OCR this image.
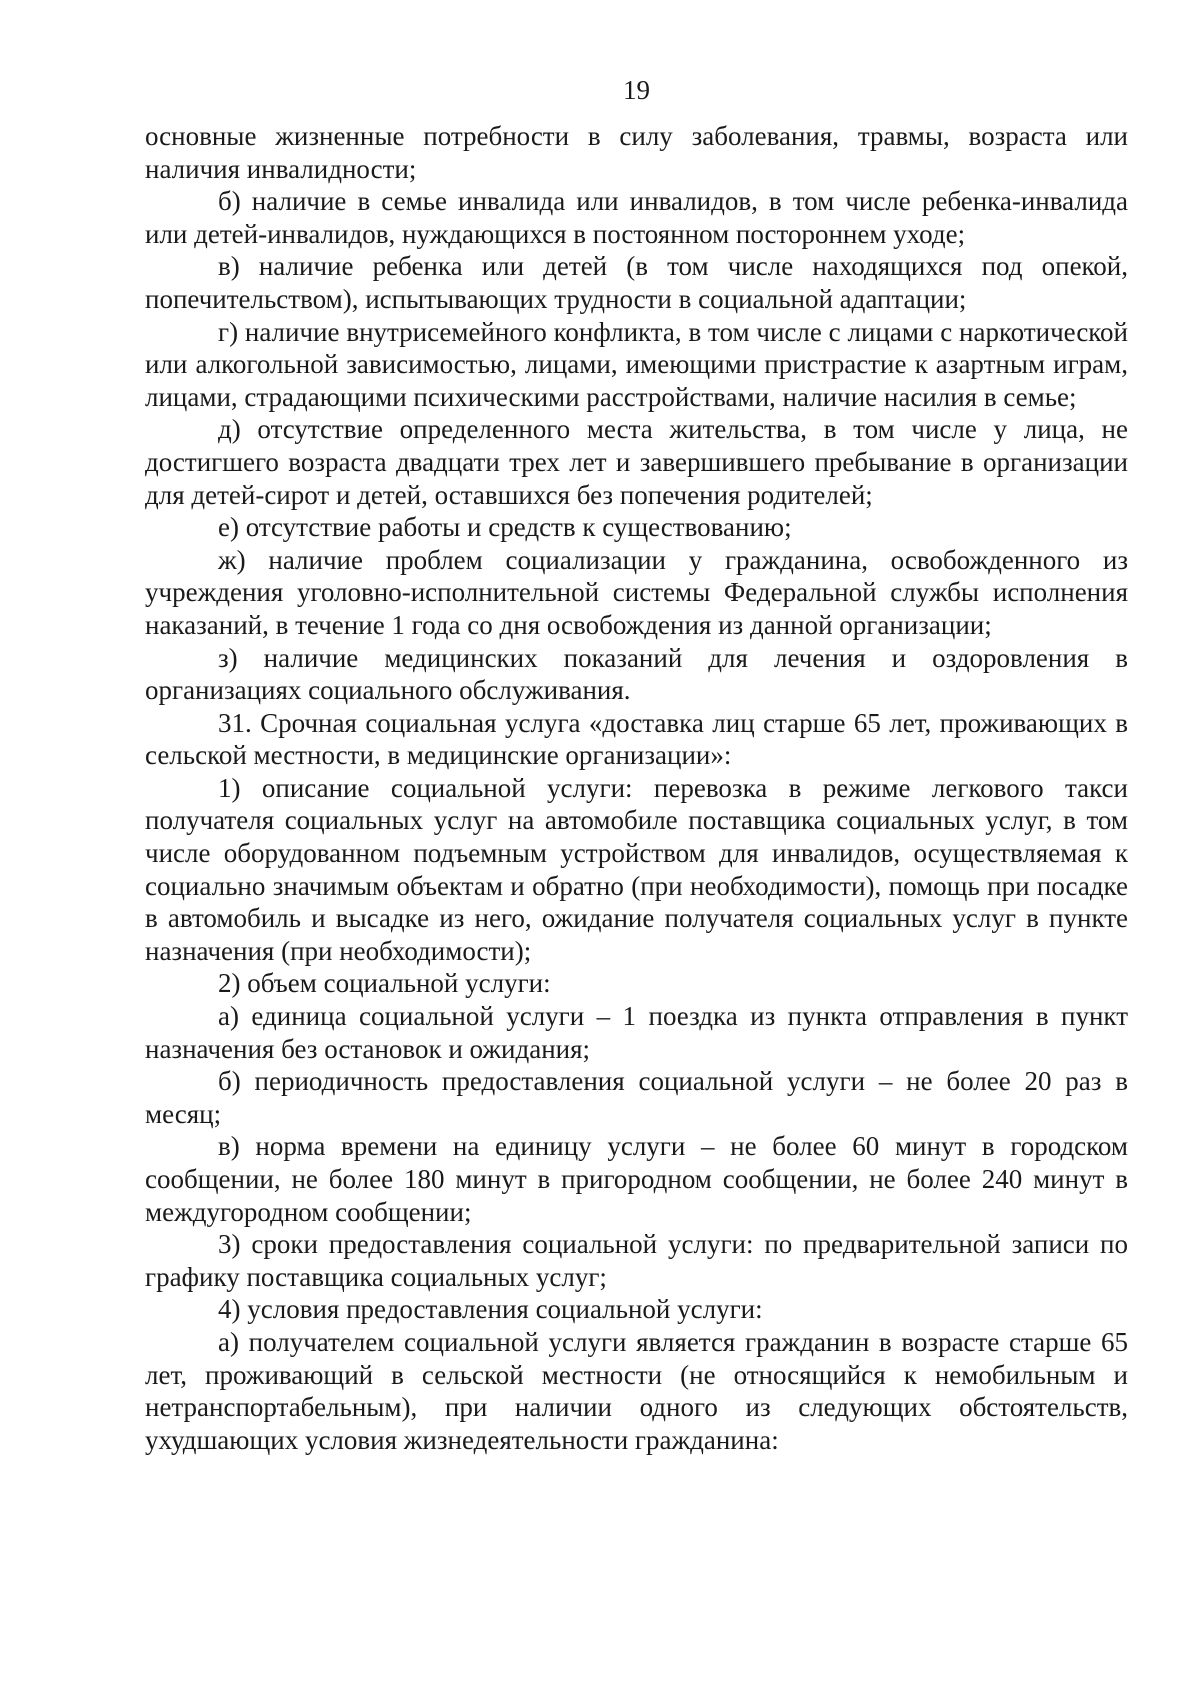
19

основные жизненные потребности в силу заболевания, травмы, возраста или наличия инвалидности;

б) наличие в семье инвалида или инвалидов, в том числе ребенка-инвалида или детей-инвалидов, нуждающихся в постоянном постороннем уходе;

в) наличие ребенка или детей (в том числе находящихся под опекой, попечительством), испытывающих трудности в социальной адаптации;

г) наличие внутрисемейного конфликта, в том числе с лицами с наркотической или алкогольной зависимостью, лицами, имеющими пристрастие к азартным играм, лицами, страдающими психическими расстройствами, наличие насилия в семье;

д) отсутствие определенного места жительства, в том числе у лица, не достигшего возраста двадцати трех лет и завершившего пребывание в организации для детей-сирот и детей, оставшихся без попечения родителей;

е) отсутствие работы и средств к существованию;

ж) наличие проблем социализации у гражданина, освобожденного из учреждения уголовно-исполнительной системы Федеральной службы исполнения наказаний, в течение 1 года со дня освобождения из данной организации;

з) наличие медицинских показаний для лечения и оздоровления в организациях социального обслуживания.

31. Срочная социальная услуга «доставка лиц старше 65 лет, проживающих в сельской местности, в медицинские организации»:

1) описание социальной услуги: перевозка в режиме легкового такси получателя социальных услуг на автомобиле поставщика социальных услуг, в том числе оборудованном подъемным устройством для инвалидов, осуществляемая к социально значимым объектам и обратно (при необходимости), помощь при посадке в автомобиль и высадке из него, ожидание получателя социальных услуг в пункте назначения (при необходимости);

2) объем социальной услуги:

а) единица социальной услуги – 1 поездка из пункта отправления в пункт назначения без остановок и ожидания;

б) периодичность предоставления социальной услуги – не более 20 раз в месяц;

в) норма времени на единицу услуги – не более 60 минут в городском сообщении, не более 180 минут в пригородном сообщении, не более 240 минут в междугородном сообщении;

3) сроки предоставления социальной услуги: по предварительной записи по графику поставщика социальных услуг;

4) условия предоставления социальной услуги:

а) получателем социальной услуги является гражданин в возрасте старше 65 лет, проживающий в сельской местности (не относящийся к немобильным и нетранспортабельным), при наличии одного из следующих обстоятельств, ухудшающих условия жизнедеятельности гражданина:
